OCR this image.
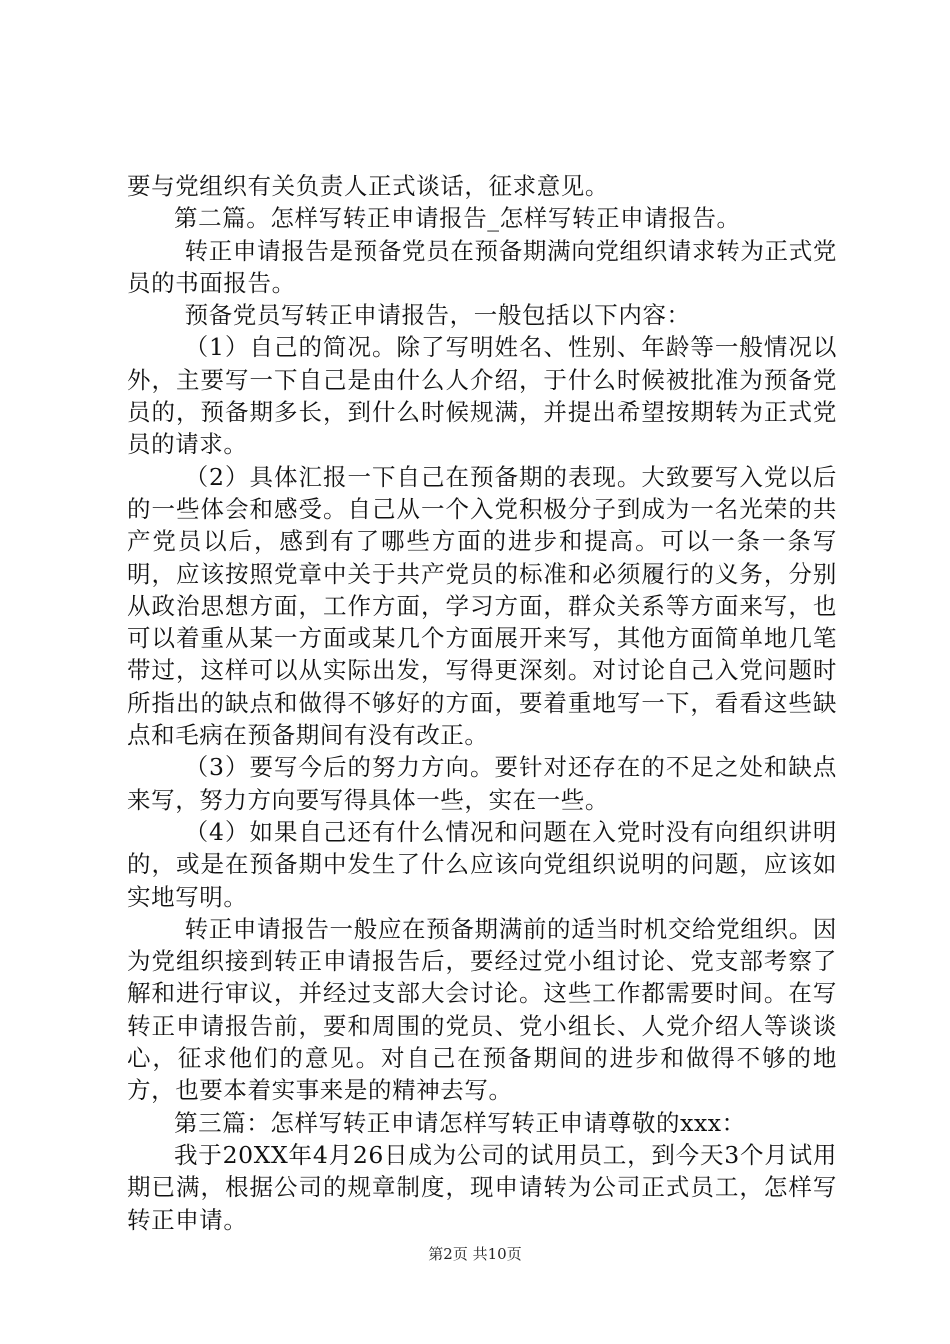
要与党组织有关负责人正式谈话，征求意见。

第二篇。怎样写转正申请报告_怎样写转正申请报告。

转正申请报告是预备党员在预备期满向党组织请求转为正式党员的书面报告。

预备党员写转正申请报告，一般包括以下内容：

（1）自己的简况。除了写明姓名、性别、年龄等一般情况以外，主要写一下自己是由什么人介绍，于什么时候被批准为预备党员的，预备期多长，到什么时候规满，并提出希望按期转为正式党员的请求。

（2）具体汇报一下自己在预备期的表现。大致要写入党以后的一些体会和感受。自己从一个入党积极分子到成为一名光荣的共产党员以后，感到有了哪些方面的进步和提高。可以一条一条写明，应该按照党章中关于共产党员的标准和必须履行的义务，分别从政治思想方面，工作方面，学习方面，群众关系等方面来写，也可以着重从某一方面或某几个方面展开来写，其他方面简单地几笔带过，这样可以从实际出发，写得更深刻。对讨论自己入党问题时所指出的缺点和做得不够好的方面，要着重地写一下，看看这些缺点和毛病在预备期间有没有改正。

（3）要写今后的努力方向。要针对还存在的不足之处和缺点来写，努力方向要写得具体一些，实在一些。

（4）如果自己还有什么情况和问题在入党时没有向组织讲明的，或是在预备期中发生了什么应该向党组织说明的问题，应该如实地写明。

转正申请报告一般应在预备期满前的适当时机交给党组织。因为党组织接到转正申请报告后，要经过党小组讨论、党支部考察了解和进行审议，并经过支部大会讨论。这些工作都需要时间。在写转正申请报告前，要和周围的党员、党小组长、人党介绍人等谈谈心，征求他们的意见。对自己在预备期间的进步和做得不够的地方，也要本着实事来是的精神去写。

第三篇：怎样写转正申请怎样写转正申请尊敬的xxx：

我于20XX年4月26日成为公司的试用员工，到今天3个月试用期已满，根据公司的规章制度，现申请转为公司正式员工，怎样写转正申请。

第2页 共10页
